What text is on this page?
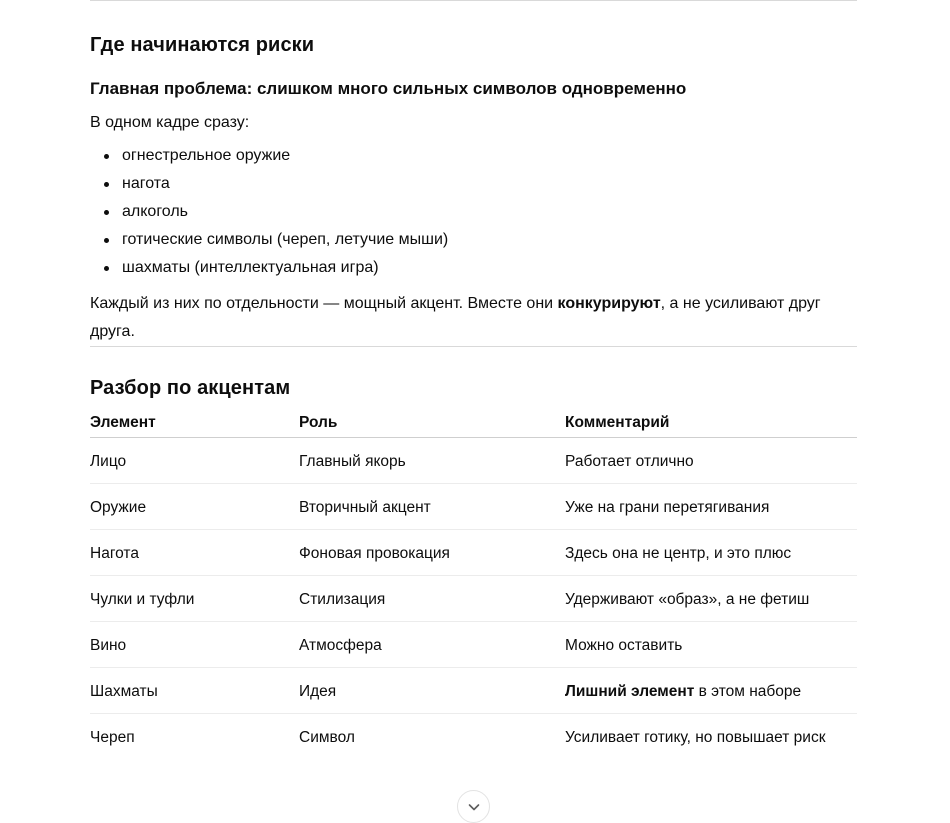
Где начинаются риски
Главная проблема: слишком много сильных символов одновременно

В одном кадре сразу:

огнестрельное оружие
нагота
алкоголь
готические символы (череп, летучие мыши)
шахматы (интеллектуальная игра)

Каждый из них по отдельности — мощный акцент. Вместе они конкурируют, а не усиливают друг друга.

Разбор по акцентам
Элемент	Роль	Комментарий
Лицо	Главный якорь	Работает отлично
Оружие	Вторичный акцент	Уже на грани перетягивания
Нагота	Фоновая провокация	Здесь она не центр, и это плюс
Чулки и туфли	Стилизация	Удерживают «образ», а не фетиш
Вино	Атмосфера	Можно оставить
Шахматы	Идея	Лишний элемент в этом наборе
Череп	Символ	Усиливает готику, но повышает риск
